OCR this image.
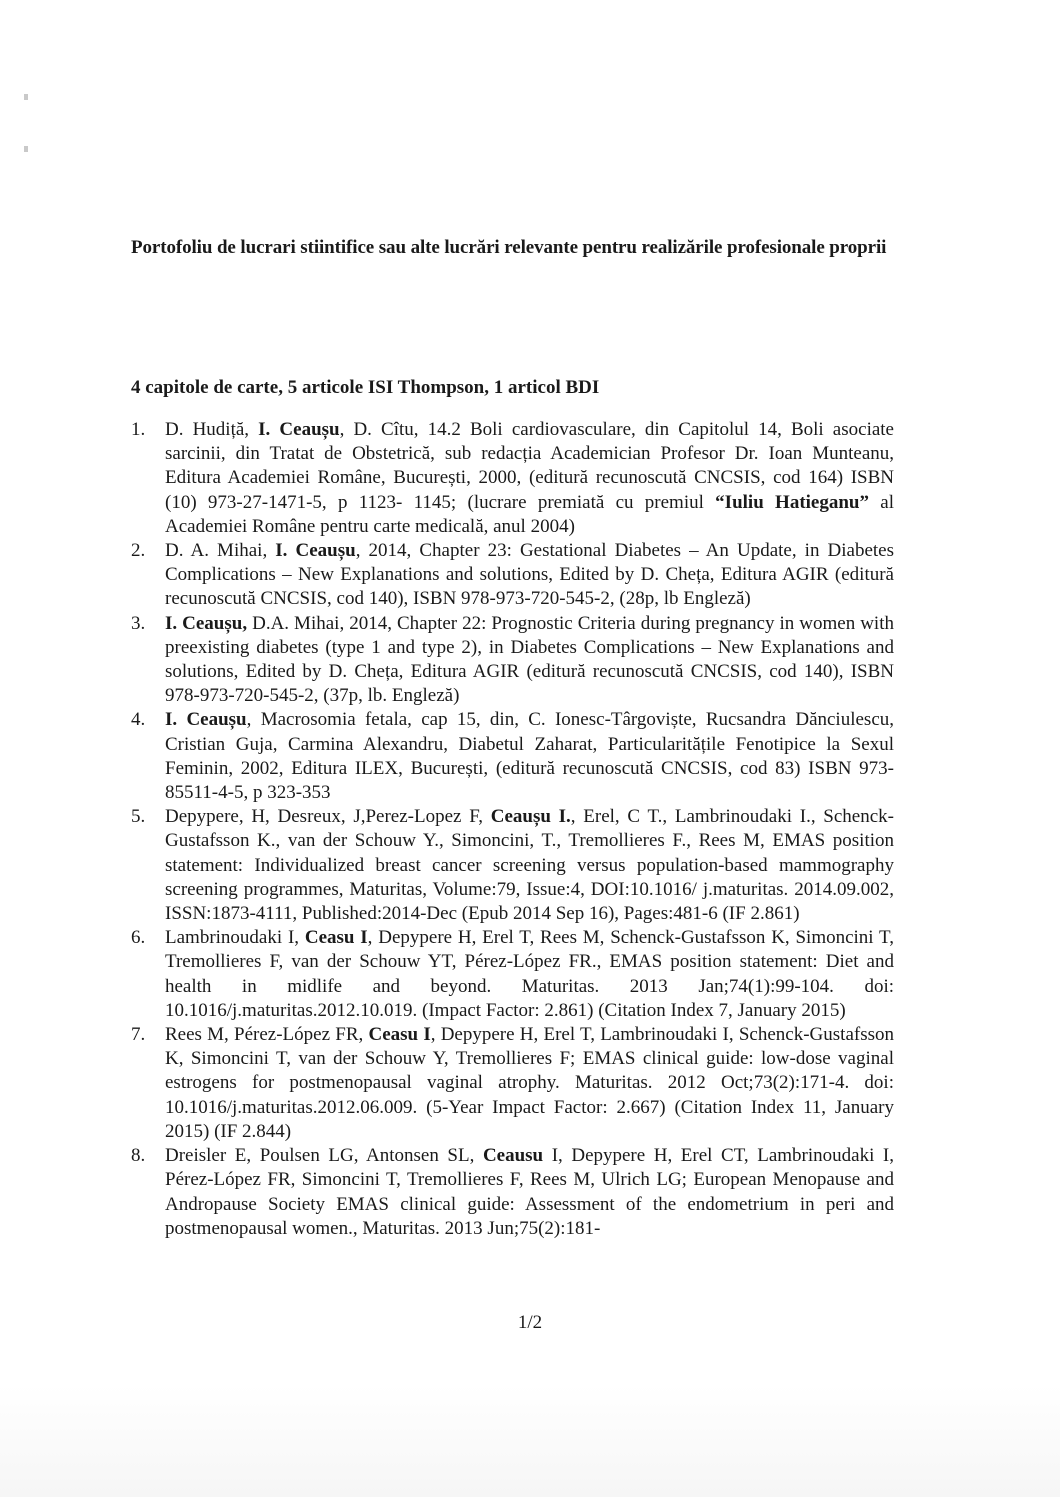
Portofoliu de lucrari stiintifice sau alte lucrări relevante pentru realizările profesionale proprii
4 capitole de carte, 5 articole ISI Thompson, 1 articol BDI
1.	D. Hudiță, I. Ceaușu, D. Cîtu, 14.2 Boli cardiovasculare, din Capitolul 14, Boli asociate sarcinii, din Tratat de Obstetrică, sub redacția Academician Profesor Dr. Ioan Munteanu, Editura Academiei Române, București, 2000, (editură recunoscută CNCSIS, cod 164) ISBN (10) 973-27-1471-5, p 1123- 1145; (lucrare premiată cu premiul “Iuliu Hatieganu” al Academiei Române pentru carte medicală, anul 2004)
2.	D. A. Mihai, I. Ceaușu, 2014, Chapter 23: Gestational Diabetes – An Update, in Diabetes Complications – New Explanations and solutions, Edited by D. Cheța, Editura AGIR (editură recunoscută CNCSIS, cod 140), ISBN 978-973-720-545-2, (28p, lb Engleză)
3.	I. Ceaușu, D.A. Mihai, 2014, Chapter 22: Prognostic Criteria during pregnancy in women with preexisting diabetes (type 1 and type 2), in Diabetes Complications – New Explanations and solutions, Edited by D. Cheța, Editura AGIR (editură recunoscută CNCSIS, cod 140), ISBN 978-973-720-545-2, (37p, lb. Engleză)
4.	I. Ceaușu, Macrosomia fetala, cap 15, din, C. Ionesc-Târgoviște, Rucsandra Dănciulescu, Cristian Guja, Carmina Alexandru, Diabetul Zaharat, Particularitățile Fenotipice la Sexul Feminin, 2002, Editura ILEX, București, (editură recunoscută CNCSIS, cod 83) ISBN 973-85511-4-5, p 323-353
5.	Depypere, H, Desreux, J,Perez-Lopez F, Ceaușu I., Erel, C T., Lambrinoudaki I., Schenck-Gustafsson K., van der Schouw Y., Simoncini, T., Tremollieres F., Rees M, EMAS position statement: Individualized breast cancer screening versus population-based mammography screening programmes, Maturitas, Volume:79, Issue:4, DOI:10.1016/ j.maturitas. 2014.09.002, ISSN:1873-4111, Published:2014-Dec (Epub 2014 Sep 16), Pages:481-6 (IF 2.861)
6.	Lambrinoudaki I, Ceasu I, Depypere H, Erel T, Rees M, Schenck-Gustafsson K, Simoncini T, Tremollieres F, van der Schouw YT, Pérez-López FR., EMAS position statement: Diet and health in midlife and beyond. Maturitas. 2013 Jan;74(1):99-104. doi: 10.1016/j.maturitas.2012.10.019. (Impact Factor: 2.861) (Citation Index 7, January 2015)
7.	Rees M, Pérez-López FR, Ceasu I, Depypere H, Erel T, Lambrinoudaki I, Schenck-Gustafsson K, Simoncini T, van der Schouw Y, Tremollieres F; EMAS clinical guide: low-dose vaginal estrogens for postmenopausal vaginal atrophy. Maturitas. 2012 Oct;73(2):171-4. doi: 10.1016/j.maturitas.2012.06.009. (5-Year Impact Factor: 2.667) (Citation Index 11, January 2015) (IF 2.844)
8.	Dreisler E, Poulsen LG, Antonsen SL, Ceausu I, Depypere H, Erel CT, Lambrinoudaki I, Pérez-López FR, Simoncini T, Tremollieres F, Rees M, Ulrich LG; European Menopause and Andropause Society EMAS clinical guide: Assessment of the endometrium in peri and postmenopausal women., Maturitas. 2013 Jun;75(2):181-
1/2
